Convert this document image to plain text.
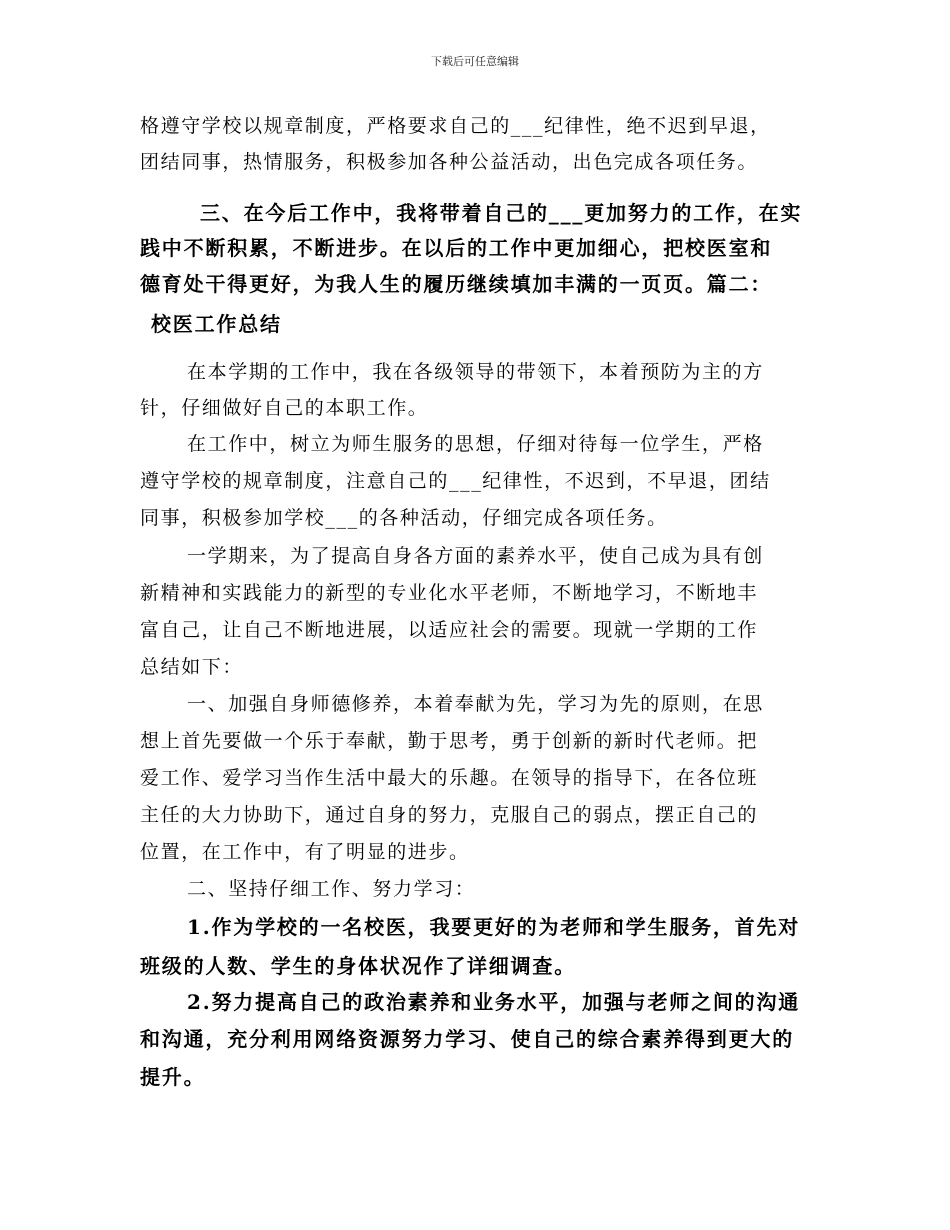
下载后可任意编辑
格遵守学校以规章制度，严格要求自己的___纪律性，绝不迟到早退，
团结同事，热情服务，积极参加各种公益活动，出色完成各项任务。
三、在今后工作中，我将带着自己的___更加努力的工作，在实
践中不断积累，不断进步。在以后的工作中更加细心，把校医室和
德育处干得更好，为我人生的履历继续填加丰满的一页页。篇二：
校医工作总结
在本学期的工作中，我在各级领导的带领下，本着预防为主的方
针，仔细做好自己的本职工作。
在工作中，树立为师生服务的思想，仔细对待每一位学生，严格
遵守学校的规章制度，注意自己的___纪律性，不迟到，不早退，团结
同事，积极参加学校___的各种活动，仔细完成各项任务。
一学期来，为了提高自身各方面的素养水平，使自己成为具有创
新精神和实践能力的新型的专业化水平老师，不断地学习，不断地丰
富自己，让自己不断地进展，以适应社会的需要。现就一学期的工作
总结如下：
一、加强自身师德修养，本着奉献为先，学习为先的原则，在思
想上首先要做一个乐于奉献，勤于思考，勇于创新的新时代老师。把
爱工作、爱学习当作生活中最大的乐趣。在领导的指导下，在各位班
主任的大力协助下，通过自身的努力，克服自己的弱点，摆正自己的
位置，在工作中，有了明显的进步。
二、坚持仔细工作、努力学习：
1.作为学校的一名校医，我要更好的为老师和学生服务，首先对
班级的人数、学生的身体状况作了详细调查。
2.努力提高自己的政治素养和业务水平，加强与老师之间的沟通
和沟通，充分利用网络资源努力学习、使自己的综合素养得到更大的
提升。
